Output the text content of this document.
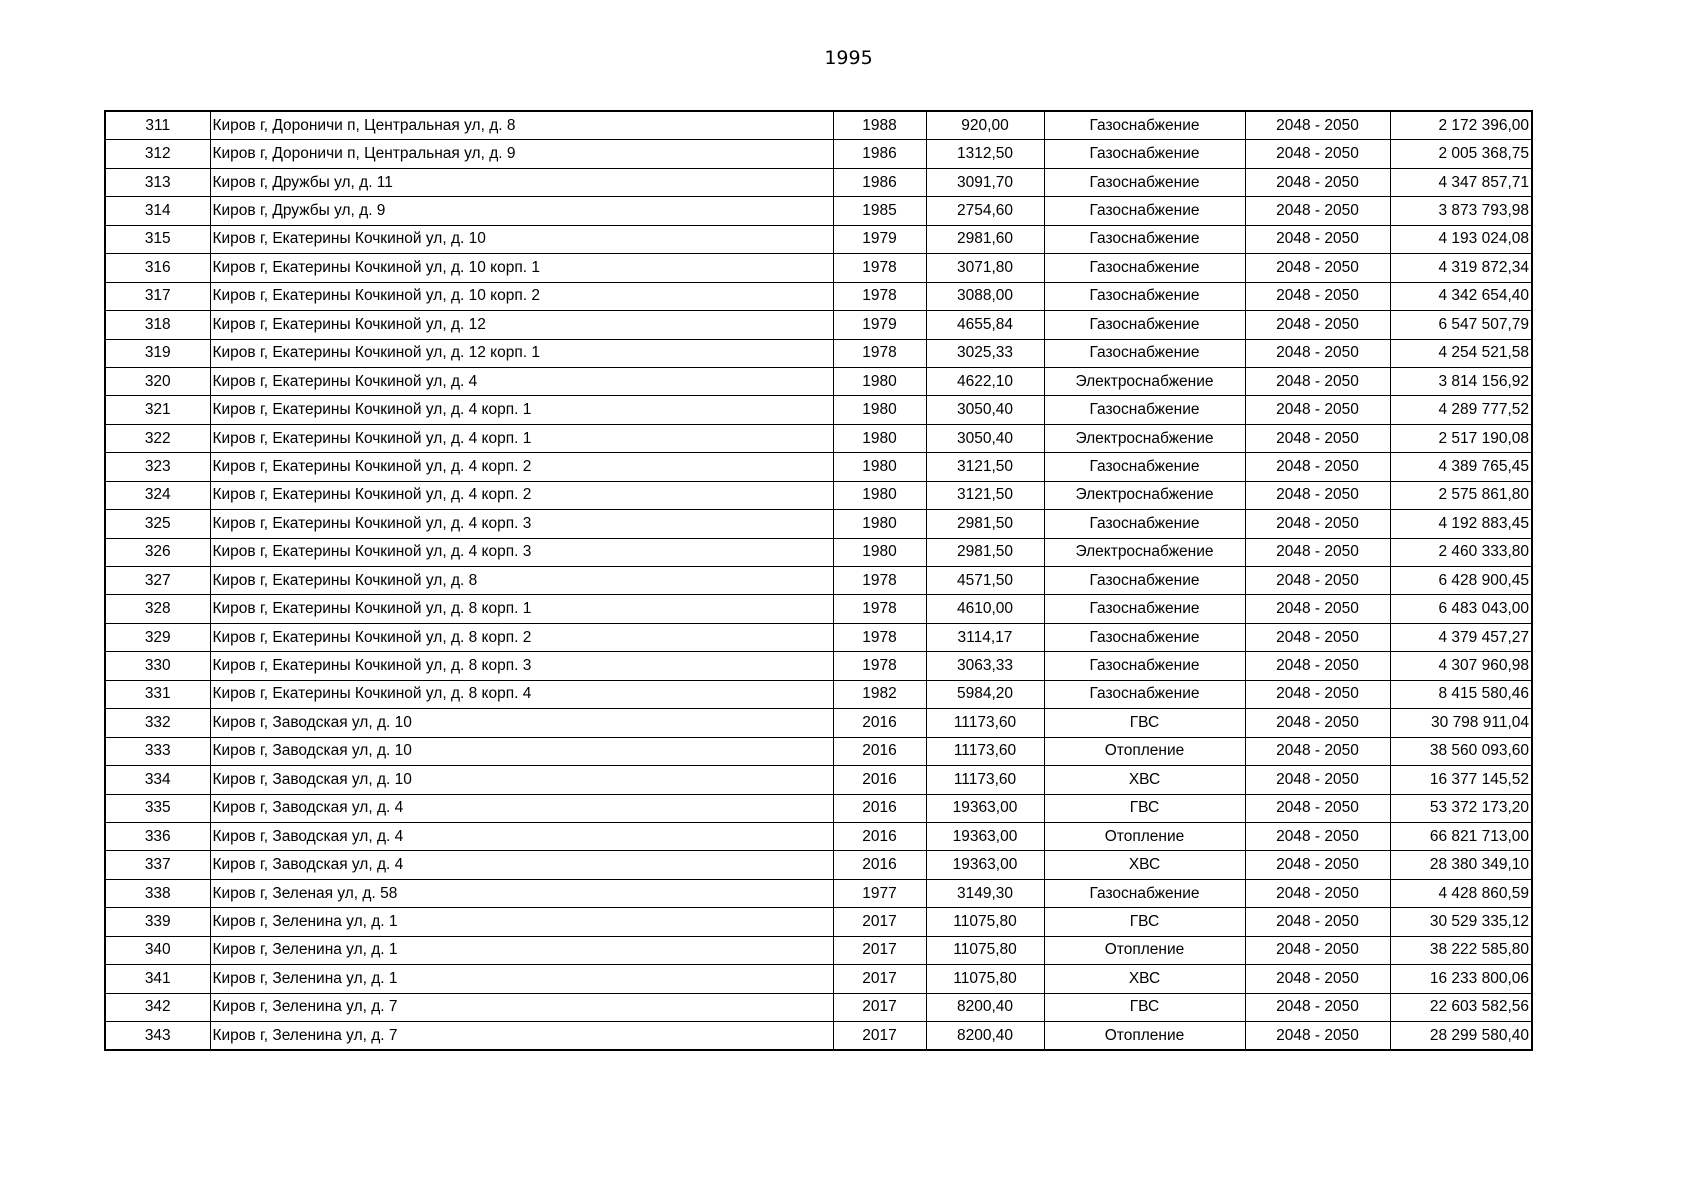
1995
311	Киров г, Дороничи п, Центральная ул, д. 8	1988	920,00	Газоснабжение	2048 - 2050	2 172 396,00
312	Киров г, Дороничи п, Центральная ул, д. 9	1986	1312,50	Газоснабжение	2048 - 2050	2 005 368,75
313	Киров г, Дружбы ул, д. 11	1986	3091,70	Газоснабжение	2048 - 2050	4 347 857,71
314	Киров г, Дружбы ул, д. 9	1985	2754,60	Газоснабжение	2048 - 2050	3 873 793,98
315	Киров г, Екатерины Кочкиной ул, д. 10	1979	2981,60	Газоснабжение	2048 - 2050	4 193 024,08
316	Киров г, Екатерины Кочкиной ул, д. 10 корп. 1	1978	3071,80	Газоснабжение	2048 - 2050	4 319 872,34
317	Киров г, Екатерины Кочкиной ул, д. 10 корп. 2	1978	3088,00	Газоснабжение	2048 - 2050	4 342 654,40
318	Киров г, Екатерины Кочкиной ул, д. 12	1979	4655,84	Газоснабжение	2048 - 2050	6 547 507,79
319	Киров г, Екатерины Кочкиной ул, д. 12 корп. 1	1978	3025,33	Газоснабжение	2048 - 2050	4 254 521,58
320	Киров г, Екатерины Кочкиной ул, д. 4	1980	4622,10	Электроснабжение	2048 - 2050	3 814 156,92
321	Киров г, Екатерины Кочкиной ул, д. 4 корп. 1	1980	3050,40	Газоснабжение	2048 - 2050	4 289 777,52
322	Киров г, Екатерины Кочкиной ул, д. 4 корп. 1	1980	3050,40	Электроснабжение	2048 - 2050	2 517 190,08
323	Киров г, Екатерины Кочкиной ул, д. 4 корп. 2	1980	3121,50	Газоснабжение	2048 - 2050	4 389 765,45
324	Киров г, Екатерины Кочкиной ул, д. 4 корп. 2	1980	3121,50	Электроснабжение	2048 - 2050	2 575 861,80
325	Киров г, Екатерины Кочкиной ул, д. 4 корп. 3	1980	2981,50	Газоснабжение	2048 - 2050	4 192 883,45
326	Киров г, Екатерины Кочкиной ул, д. 4 корп. 3	1980	2981,50	Электроснабжение	2048 - 2050	2 460 333,80
327	Киров г, Екатерины Кочкиной ул, д. 8	1978	4571,50	Газоснабжение	2048 - 2050	6 428 900,45
328	Киров г, Екатерины Кочкиной ул, д. 8 корп. 1	1978	4610,00	Газоснабжение	2048 - 2050	6 483 043,00
329	Киров г, Екатерины Кочкиной ул, д. 8 корп. 2	1978	3114,17	Газоснабжение	2048 - 2050	4 379 457,27
330	Киров г, Екатерины Кочкиной ул, д. 8 корп. 3	1978	3063,33	Газоснабжение	2048 - 2050	4 307 960,98
331	Киров г, Екатерины Кочкиной ул, д. 8 корп. 4	1982	5984,20	Газоснабжение	2048 - 2050	8 415 580,46
332	Киров г, Заводская ул, д. 10	2016	11173,60	ГВС	2048 - 2050	30 798 911,04
333	Киров г, Заводская ул, д. 10	2016	11173,60	Отопление	2048 - 2050	38 560 093,60
334	Киров г, Заводская ул, д. 10	2016	11173,60	ХВС	2048 - 2050	16 377 145,52
335	Киров г, Заводская ул, д. 4	2016	19363,00	ГВС	2048 - 2050	53 372 173,20
336	Киров г, Заводская ул, д. 4	2016	19363,00	Отопление	2048 - 2050	66 821 713,00
337	Киров г, Заводская ул, д. 4	2016	19363,00	ХВС	2048 - 2050	28 380 349,10
338	Киров г, Зеленая ул, д. 58	1977	3149,30	Газоснабжение	2048 - 2050	4 428 860,59
339	Киров г, Зеленина ул, д. 1	2017	11075,80	ГВС	2048 - 2050	30 529 335,12
340	Киров г, Зеленина ул, д. 1	2017	11075,80	Отопление	2048 - 2050	38 222 585,80
341	Киров г, Зеленина ул, д. 1	2017	11075,80	ХВС	2048 - 2050	16 233 800,06
342	Киров г, Зеленина ул, д. 7	2017	8200,40	ГВС	2048 - 2050	22 603 582,56
343	Киров г, Зеленина ул, д. 7	2017	8200,40	Отопление	2048 - 2050	28 299 580,40
